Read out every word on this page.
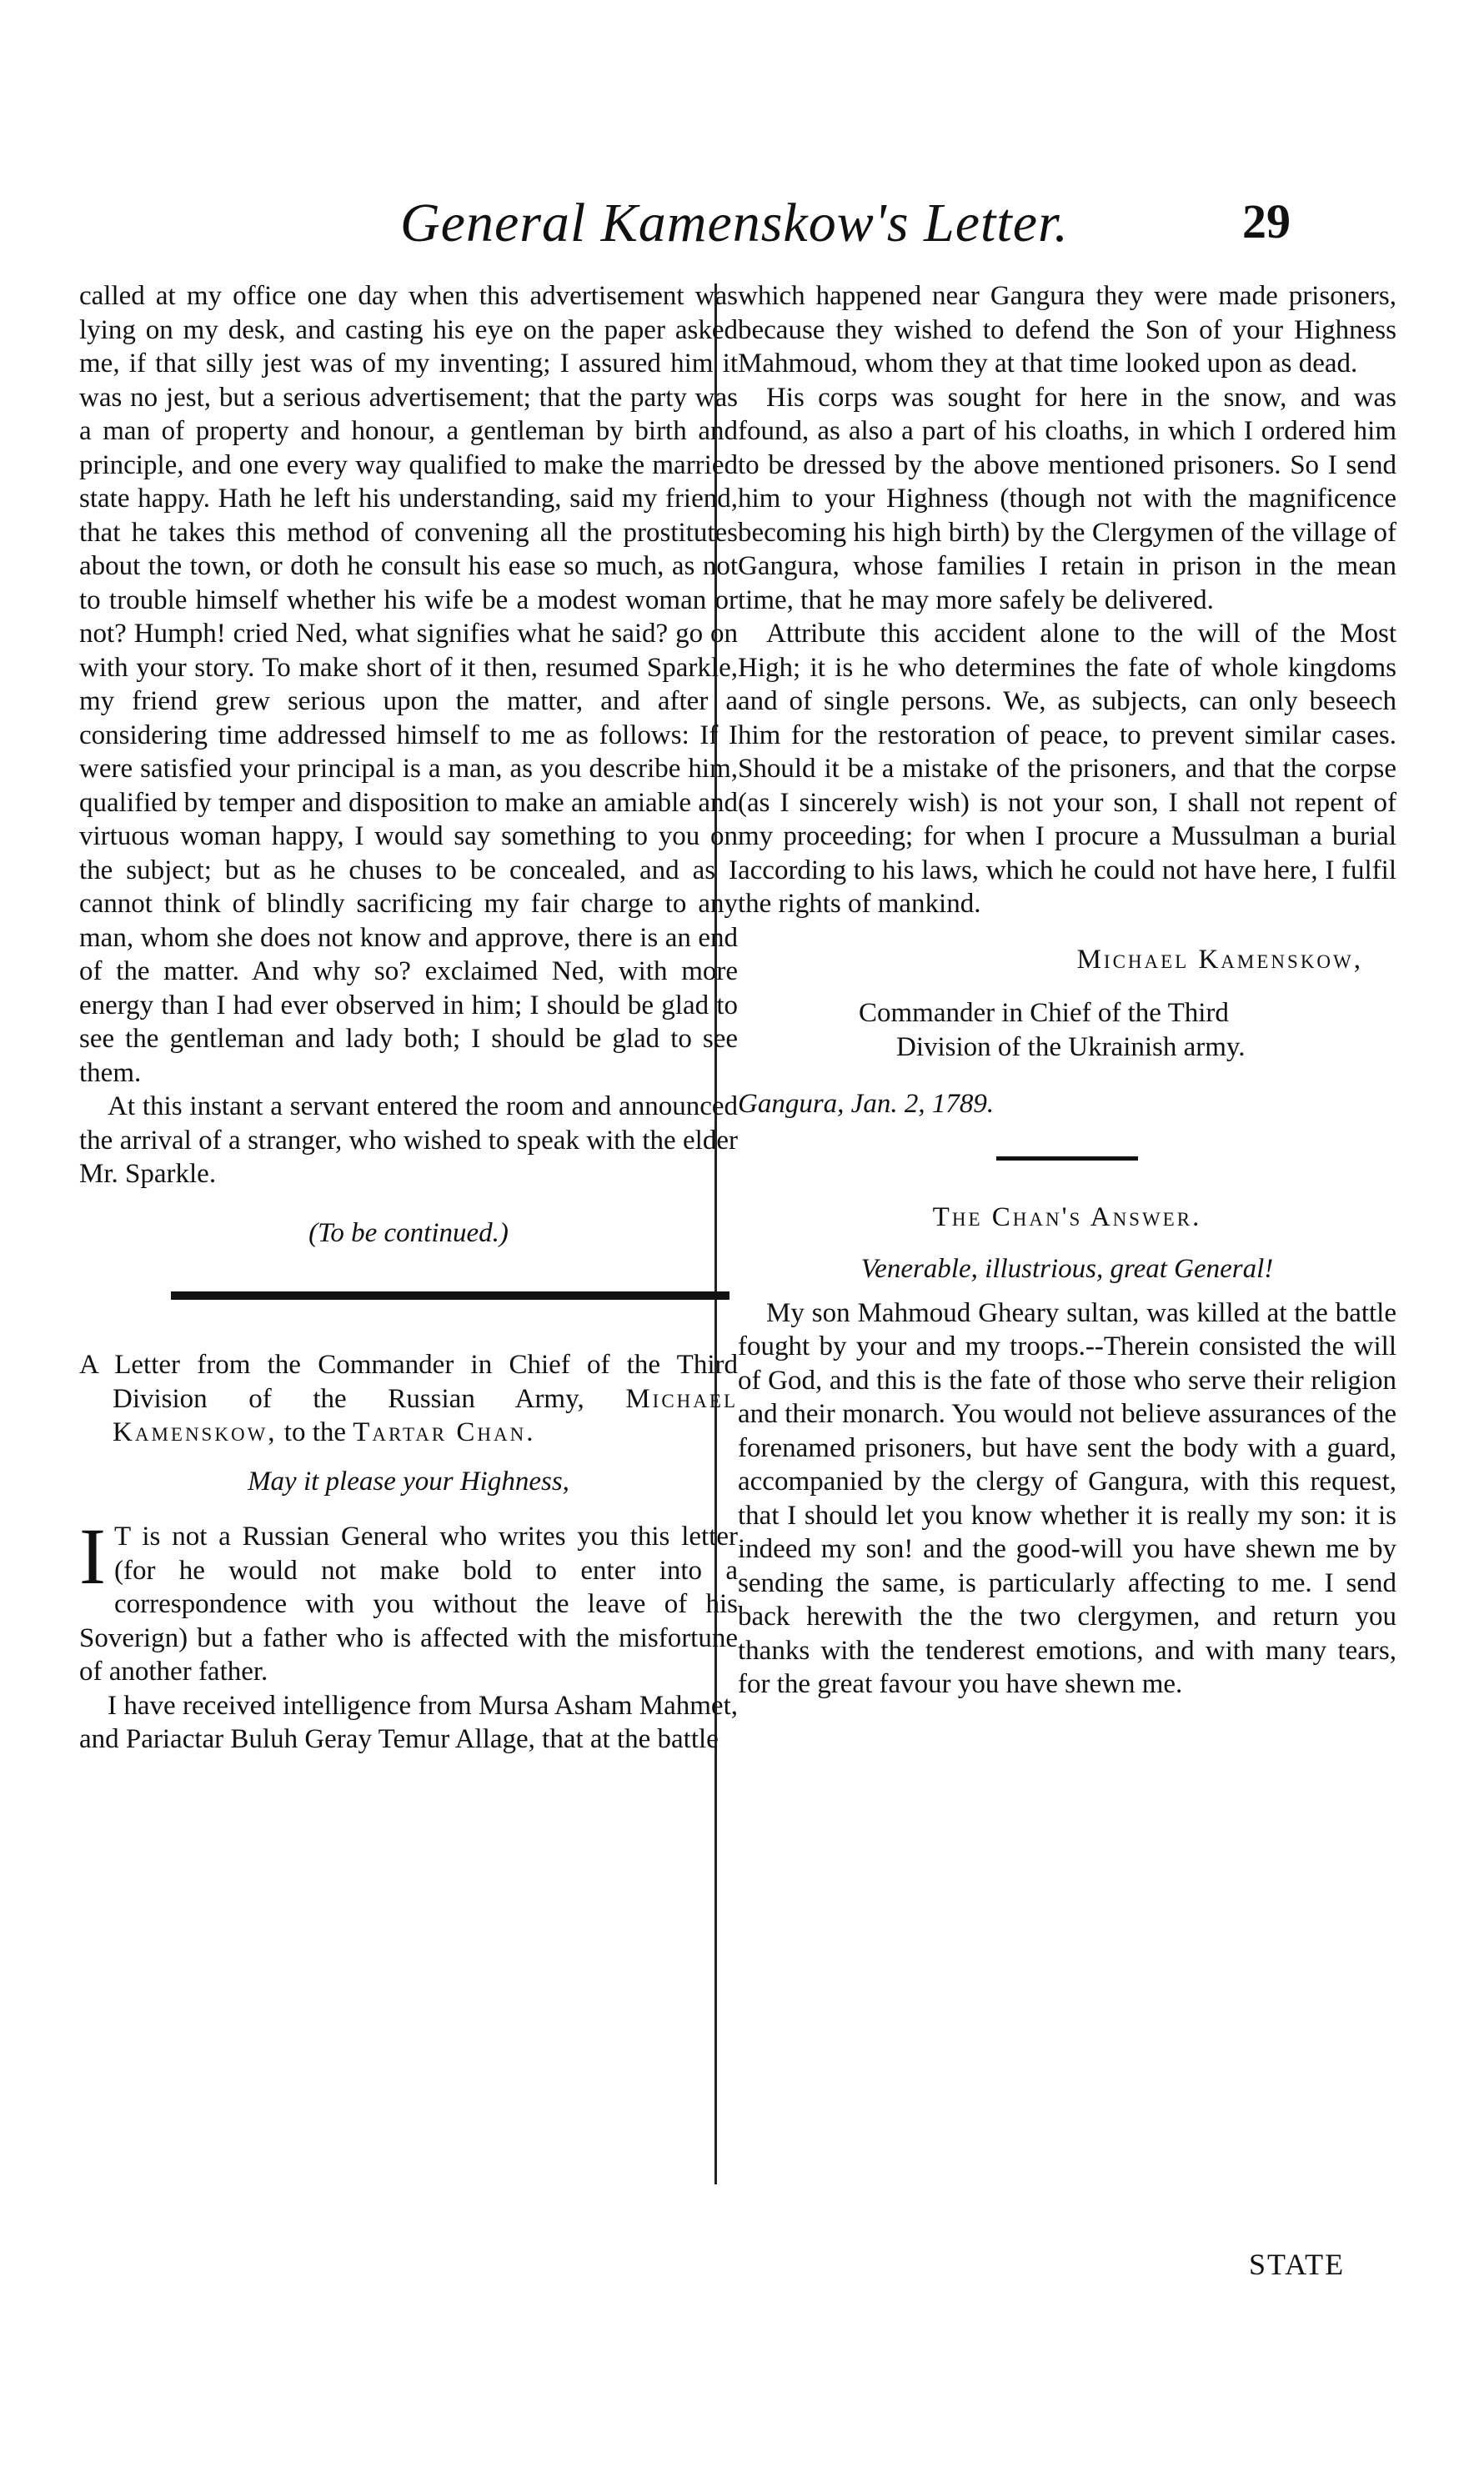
General Kamenskow's Letter.	29

called at my office one day when this advertisement was lying on my desk, and casting his eye on the paper asked me, if that silly jest was of my inventing; I assured him it was no jest, but a serious advertisement; that the party was a man of property and honour, a gentleman by birth and principle, and one every way qualified to make the married state happy. Hath he left his understanding, said my friend, that he takes this method of convening all the prostitutes about the town, or doth he consult his ease so much, as not to trouble himself whether his wife be a modest woman or not? Humph! cried Ned, what signifies what he said? go on with your story. To make short of it then, resumed Sparkle, my friend grew serious upon the matter, and after a considering time addressed himself to me as follows: If I were satisfied your principal is a man, as you describe him, qualified by temper and disposition to make an amiable and virtuous woman happy, I would say something to you on the subject; but as he chuses to be concealed, and as I cannot think of blindly sacrificing my fair charge to any man, whom she does not know and approve, there is an end of the matter. And why so? exclaimed Ned, with more energy than I had ever observed in him; I should be glad to see the gentleman and lady both; I should be glad to see them.

At this instant a servant entered the room and announced the arrival of a stranger, who wished to speak with the elder Mr. Sparkle.

(To be continued.)

A Letter from the Commander in Chief of the Third Division of the Russian Army, Michael Kamenskow, to the Tartar Chan.

May it please your Highness,

I T is not a Russian General who writes you this letter (for he would not make bold to enter into a correspondence with you without the leave of his Soverign) but a father who is affected with the misfortune of another father.

I have received intelligence from Mursa Asham Mahmet, and Pariactar Buluh Geray Temur Allage, that at the battle

which happened near Gangura they were made prisoners, because they wished to defend the Son of your Highness Mahmoud, whom they at that time looked upon as dead.

His corps was sought for here in the snow, and was found, as also a part of his cloaths, in which I ordered him to be dressed by the above mentioned prisoners. So I send him to your Highness (though not with the magnificence becoming his high birth) by the Clergymen of the village of Gangura, whose families I retain in prison in the mean time, that he may more safely be delivered.

Attribute this accident alone to the will of the Most High; it is he who determines the fate of whole kingdoms and of single persons. We, as subjects, can only beseech him for the restoration of peace, to prevent similar cases. Should it be a mistake of the prisoners, and that the corpse (as I sincerely wish) is not your son, I shall not repent of my proceeding; for when I procure a Mussulman a burial according to his laws, which he could not have here, I fulfil the rights of mankind.

Michael Kamenskow,

Commander in Chief of the Third

Division of the Ukrainish army.

Gangura, Jan. 2, 1789.

The Chan's Answer.

Venerable, illustrious, great General!

My son Mahmoud Gheary sultan, was killed at the battle fought by your and my troops.--Therein consisted the will of God, and this is the fate of those who serve their religion and their monarch. You would not believe assurances of the forenamed prisoners, but have sent the body with a guard, accompanied by the clergy of Gangura, with this request, that I should let you know whether it is really my son: it is indeed my son! and the good-will you have shewn me by sending the same, is particularly affecting to me. I send back herewith the the two clergymen, and return you thanks with the tenderest emotions, and with many tears, for the great favour you have shewn me.

STATE
